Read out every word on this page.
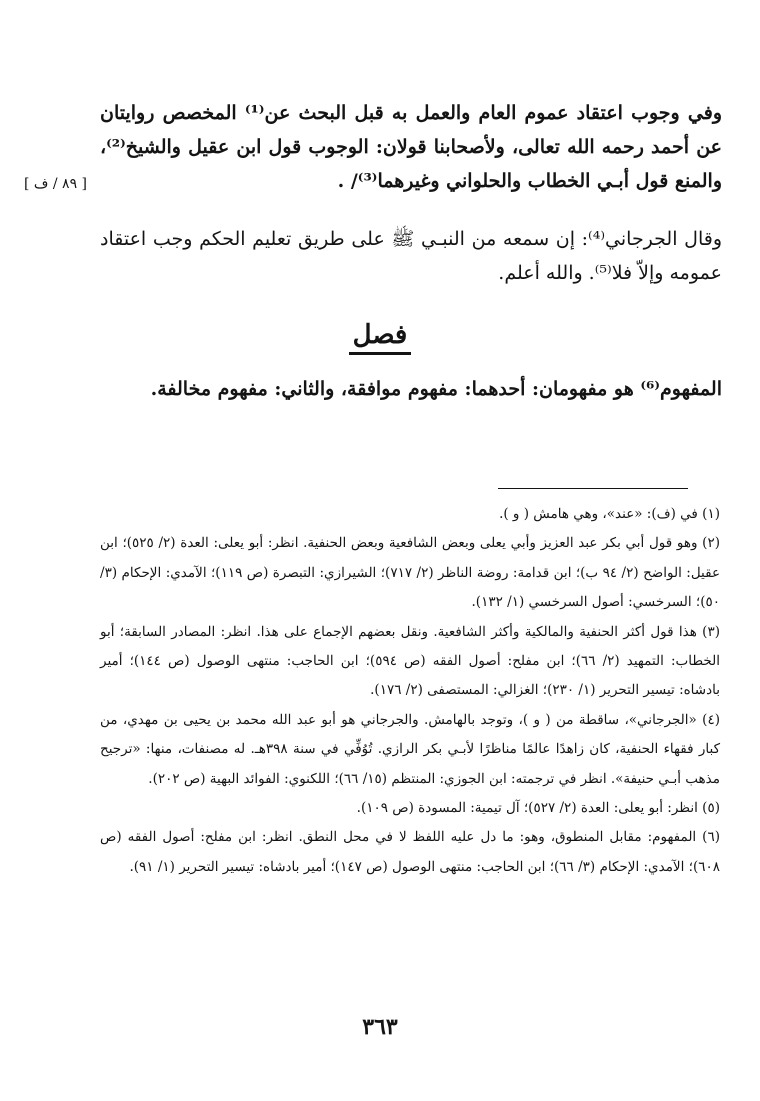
وفي وجوب اعتقاد عموم العام والعمل به قبل البحث عن⁽¹⁾ المخصص روايتان عن أحمد رحمه الله تعالى، ولأصحابنا قولان: الوجوب قول ابن عقيل والشيخ⁽²⁾، والمنع قول أبـي الخطاب والحلواني وغيرهما⁽³⁾/ .
[ ٨٩ / ف ]
وقال الجرجاني⁽⁴⁾: إن سمعه من النبـي ﷺ على طريق تعليم الحكم وجب اعتقاد عمومه وإلاّ فلا⁽⁵⁾. والله أعلم.
فصل
المفهوم⁽⁶⁾ هو مفهومان: أحدهما: مفهوم موافقة، والثاني: مفهوم مخالفة.

(١) في (ف): «عند»، وهي هامش ( و ).

(٢) وهو قول أبي بكر عبد العزيز وأبي يعلى وبعض الشافعية وبعض الحنفية. انظر: أبو يعلى: العدة (٢/ ٥٢٥)؛ ابن عقيل: الواضح (٢/ ٩٤ ب)؛ ابن قدامة: روضة الناظر (٢/ ٧١٧)؛ الشيرازي: التبصرة (ص ١١٩)؛ الآمدي: الإحكام (٣/ ٥٠)؛ السرخسي: أصول السرخسي (١/ ١٣٢).

(٣) هذا قول أكثر الحنفية والمالكية وأكثر الشافعية. ونقل بعضهم الإجماع على هذا. انظر: المصادر السابقة؛ أبو الخطاب: التمهيد (٢/ ٦٦)؛ ابن مفلح: أصول الفقه (ص ٥٩٤)؛ ابن الحاجب: منتهى الوصول (ص ١٤٤)؛ أمير بادشاه: تيسير التحرير (١/ ٢٣٠)؛ الغزالي: المستصفى (٢/ ١٧٦).

(٤) «الجرجاني»، ساقطة من ( و )، وتوجد بالهامش. والجرجاني هو أبو عبد الله محمد بن يحيى بن مهدي، من كبار فقهاء الحنفية، كان زاهدًا عالمًا مناظرًا لأبـي بكر الرازي. تُوُفِّي في سنة ٣٩٨هـ. له مصنفات، منها: «ترجيح مذهب أبـي حنيفة». انظر في ترجمته: ابن الجوزي: المنتظم (١٥/ ٦٦)؛ اللكنوي: الفوائد البهية (ص ٢٠٢).

(٥) انظر: أبو يعلى: العدة (٢/ ٥٢٧)؛ آل تيمية: المسودة (ص ١٠٩).

(٦) المفهوم: مقابل المنطوق، وهو: ما دل عليه اللفظ لا في محل النطق. انظر: ابن مفلح: أصول الفقه (ص ٦٠٨)؛ الآمدي: الإحكام (٣/ ٦٦)؛ ابن الحاجب: منتهى الوصول (ص ١٤٧)؛ أمير بادشاه: تيسير التحرير (١/ ٩١).

٣٦٣
